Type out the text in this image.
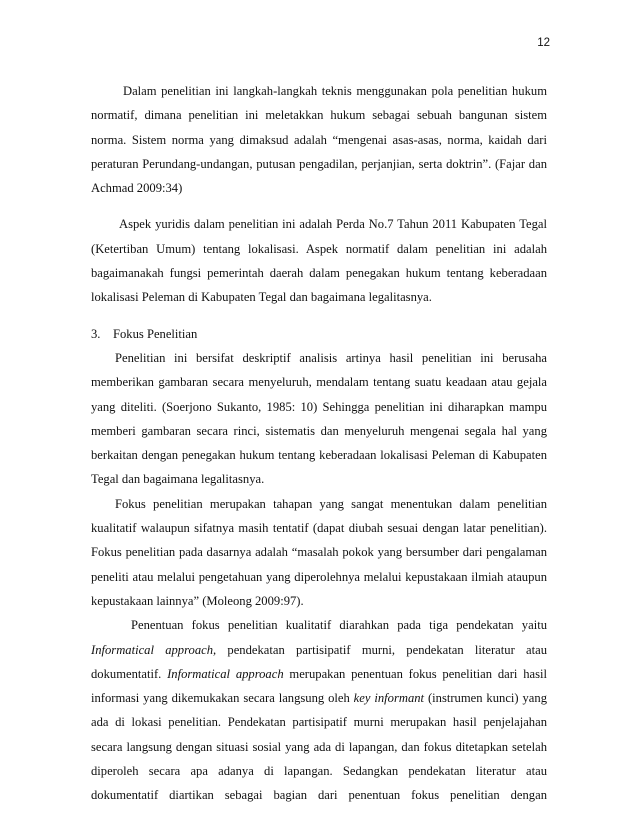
12
Dalam penelitian ini langkah-langkah teknis menggunakan pola penelitian hukum
normatif, dimana penelitian ini meletakkan hukum sebagai sebuah bangunan sistem
norma. Sistem norma yang dimaksud adalah “mengenai asas-asas, norma, kaidah dari
peraturan Perundang-undangan, putusan pengadilan, perjanjian, serta doktrin”. (Fajar dan
Achmad 2009:34)
Aspek yuridis dalam penelitian ini adalah Perda No.7 Tahun 2011 Kabupaten Tegal
(Ketertiban Umum) tentang lokalisasi. Aspek normatif dalam penelitian ini adalah
bagaimanakah fungsi pemerintah daerah dalam penegakan hukum tentang keberadaan
lokalisasi Peleman di Kabupaten Tegal dan bagaimana legalitasnya.
3. Fokus Penelitian
Penelitian ini bersifat deskriptif analisis artinya hasil penelitian ini berusaha
memberikan gambaran secara menyeluruh, mendalam tentang suatu keadaan atau gejala
yang diteliti. (Soerjono Sukanto, 1985: 10) Sehingga penelitian ini diharapkan mampu
memberi gambaran secara rinci, sistematis dan menyeluruh mengenai segala hal yang
berkaitan dengan penegakan hukum tentang keberadaan lokalisasi Peleman di Kabupaten
Tegal dan bagaimana legalitasnya.
Fokus penelitian merupakan tahapan yang sangat menentukan dalam penelitian
kualitatif walaupun sifatnya masih tentatif (dapat diubah sesuai dengan latar penelitian).
Fokus penelitian pada dasarnya adalah “masalah pokok yang bersumber dari pengalaman
peneliti atau melalui pengetahuan yang diperolehnya melalui kepustakaan ilmiah ataupun
kepustakaan lainnya” (Moleong 2009:97).
Penentuan fokus penelitian kualitatif diarahkan pada tiga pendekatan yaitu
Informatical approach, pendekatan partisipatif murni, pendekatan literatur atau
dokumentatif. Informatical approach merupakan penentuan fokus penelitian dari hasil
informasi yang dikemukakan secara langsung oleh key informant (instrumen kunci) yang
ada di lokasi penelitian. Pendekatan partisipatif murni merupakan hasil penjelajahan
secara langsung dengan situasi sosial yang ada di lapangan, dan fokus ditetapkan setelah
diperoleh secara apa adanya di lapangan. Sedangkan pendekatan literatur atau
dokumentatif diartikan sebagai bagian dari penentuan fokus penelitian dengan
